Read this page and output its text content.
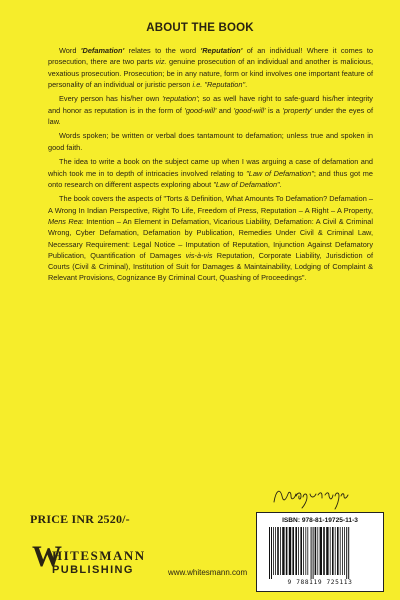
ABOUT THE BOOK

Word 'Defamation' relates to the word 'Reputation' of an individual! Where it comes to prosecution, there are two parts viz. genuine prosecution of an individual and another is malicious, vexatious prosecution. Prosecution; be in any nature, form or kind involves one important feature of personality of an individual or juristic person i.e. "Reputation".

Every person has his/her own 'reputation'; so as well have right to safe-guard his/her integrity and honor as reputation is in the form of 'good-will' and 'good-will' is a 'property' under the eyes of law.

Words spoken; be written or verbal does tantamount to defamation; unless true and spoken in good faith.

The idea to write a book on the subject came up when I was arguing a case of defamation and which took me in to depth of intricacies involved relating to "Law of Defamation"; and thus got me onto research on different aspects exploring about "Law of Defamation".

The book covers the aspects of "Torts & Definition, What Amounts To Defamation? Defamation – A Wrong In Indian Perspective, Right To Life, Freedom of Press, Reputation – A Right – A Property, Mens Rea: Intention – An Element in Defamation, Vicarious Liability, Defamation: A Civil & Criminal Wrong, Cyber Defamation, Defamation by Publication, Remedies Under Civil & Criminal Law, Necessary Requirement: Legal Notice – Imputation of Reputation, Injunction Against Defamatory Publication, Quantification of Damages vis-à-vis Reputation, Corporate Liability, Jurisdiction of Courts (Civil & Criminal), Institution of Suit for Damages & Maintainability, Lodging of Complaint & Relevant Provisions, Cognizance By Criminal Court, Quashing of Proceedings".

PRICE INR 2520/-
W
HITESMANN
PUBLISHING	www.whitesmann.com
ISBN: 978-81-19725-11-3
9 788119 725113
